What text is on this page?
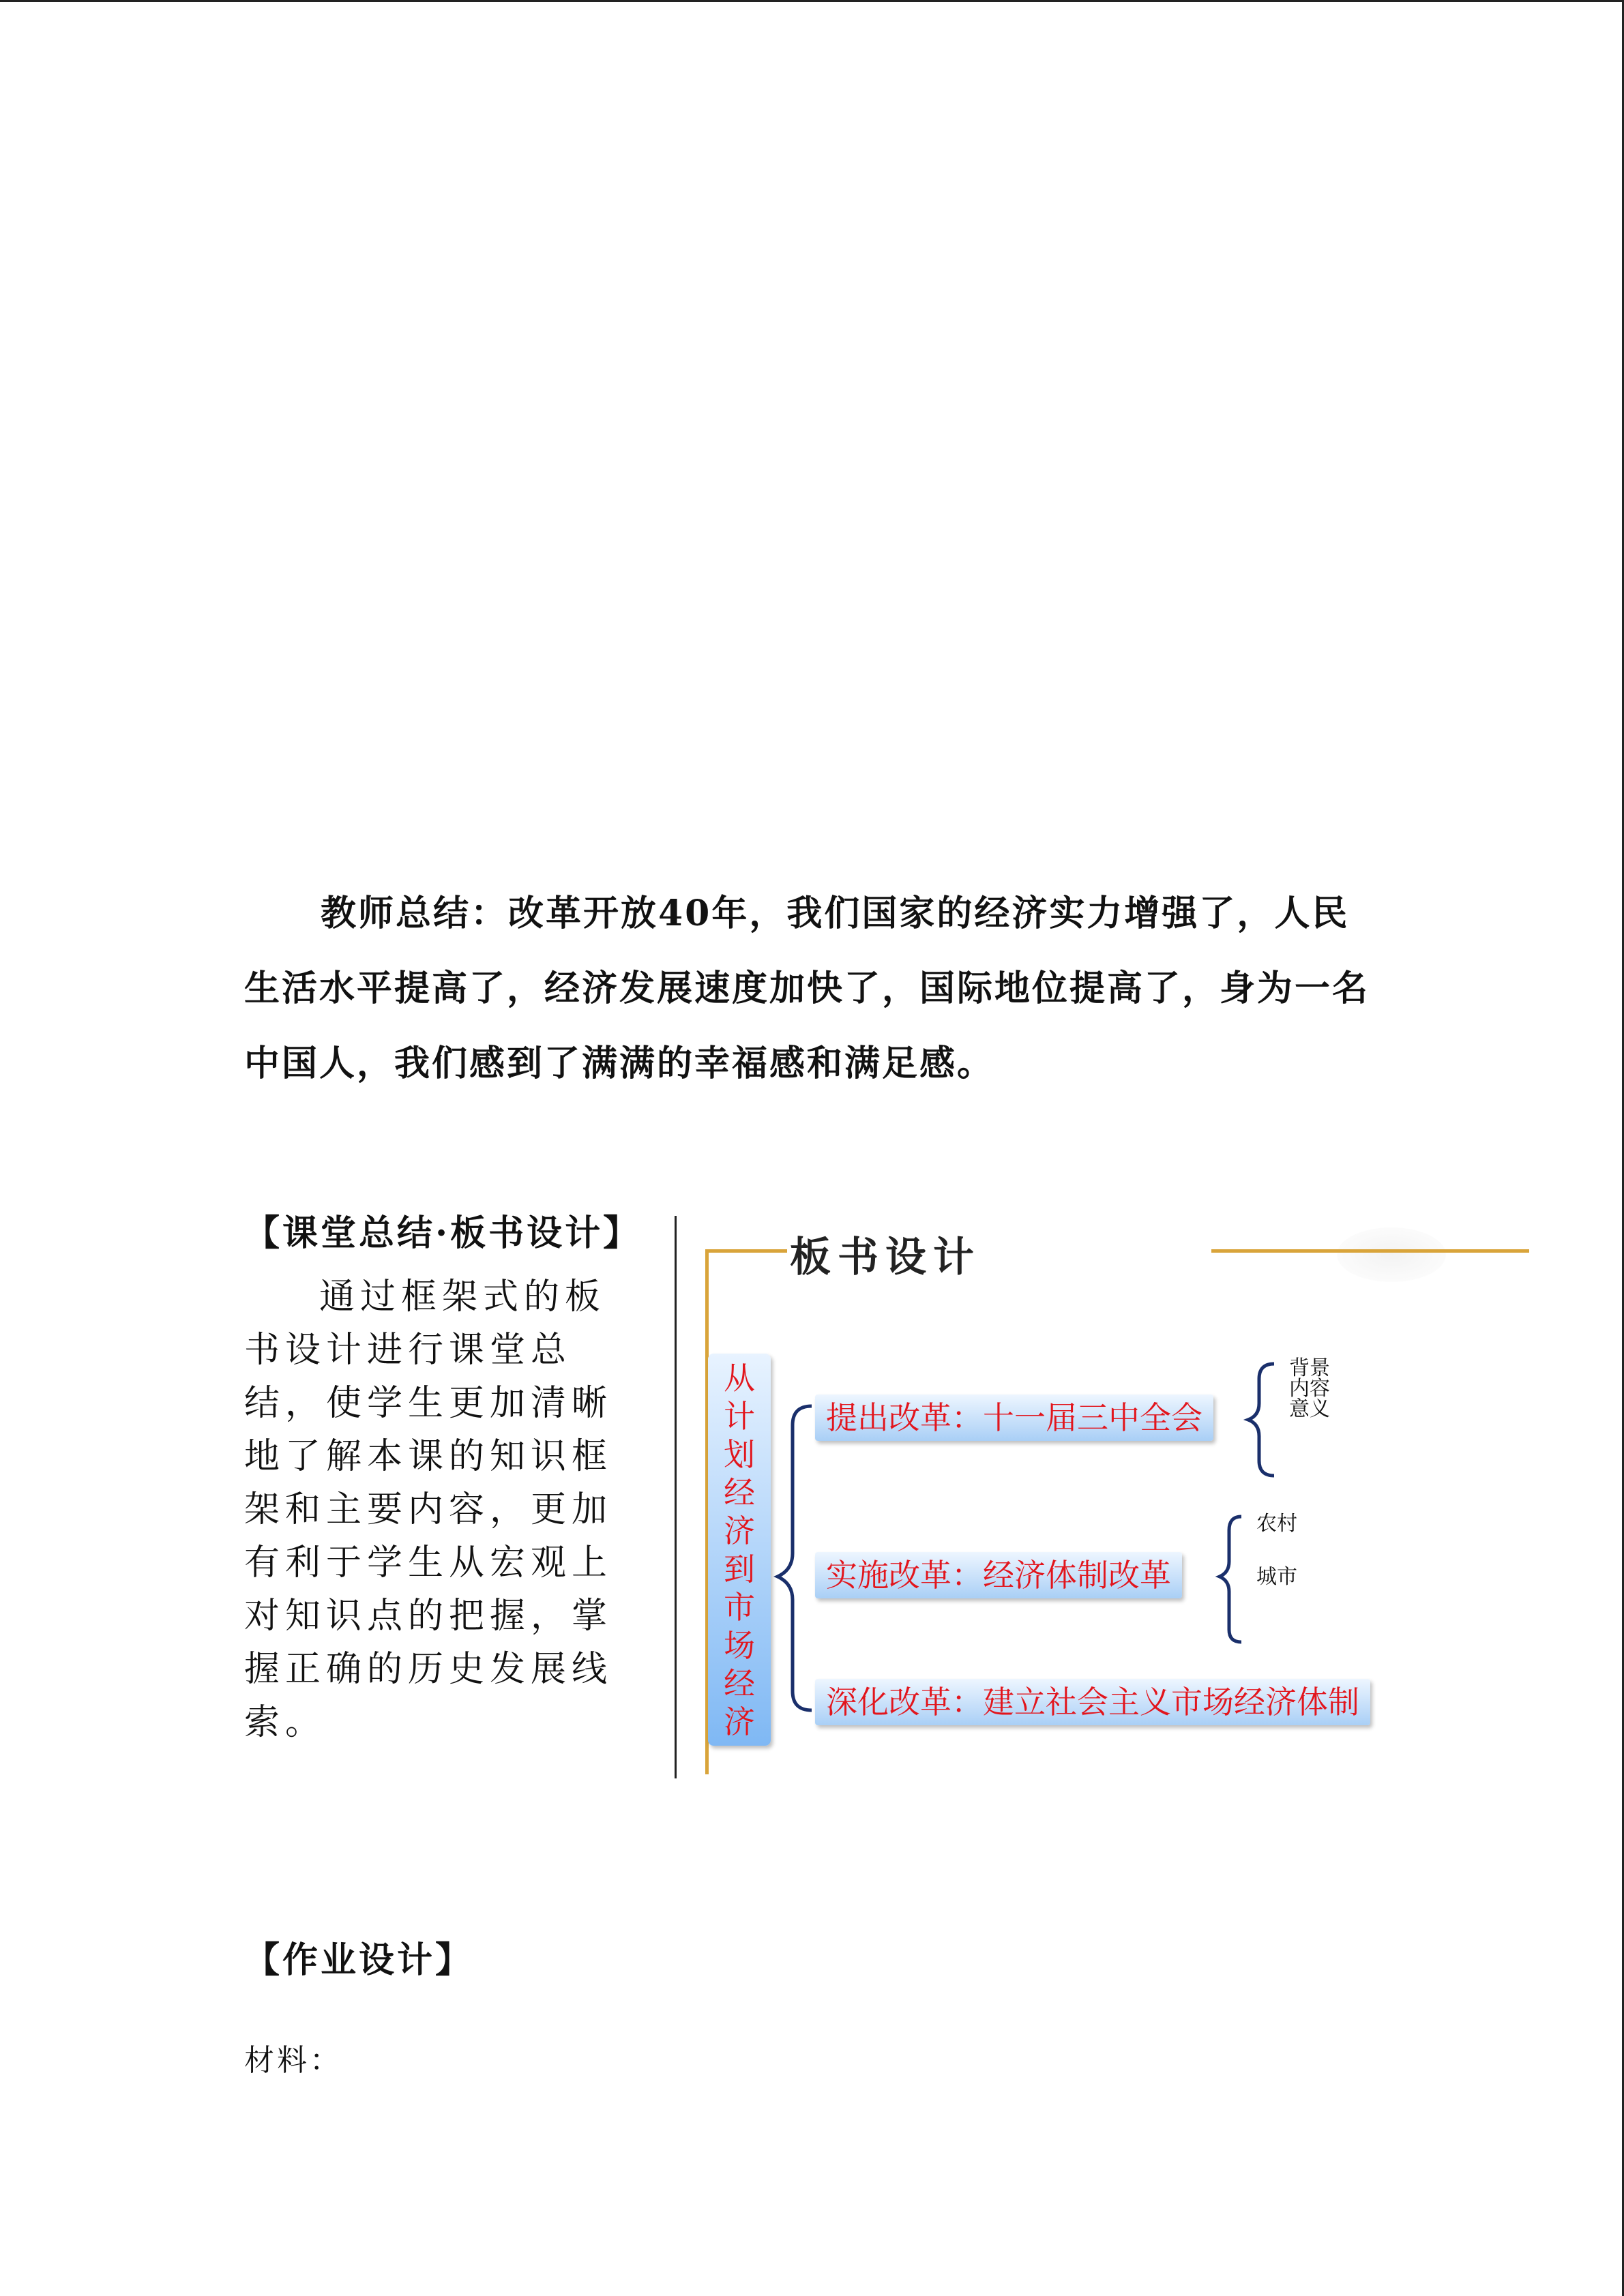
教师总结：改革开放40年，我们国家的经济实力增强了，人民生活水平提高了，经济发展速度加快了，国际地位提高了，身为一名中国人，我们感到了满满的幸福感和满足感。

【课堂总结·板书设计】

通过框架式的板书设计进行课堂总结，使学生更加清晰地了解本课的知识框架和主要内容，更加有利于学生从宏观上对知识点的把握，掌握正确的历史发展线索。

板书设计
从计划经济到市场经济
提出改革：十一届三中全会
实施改革：经济体制改革
深化改革：建立社会主义市场经济体制
背景
内容
意义
农村
城市

【作业设计】

材料：
